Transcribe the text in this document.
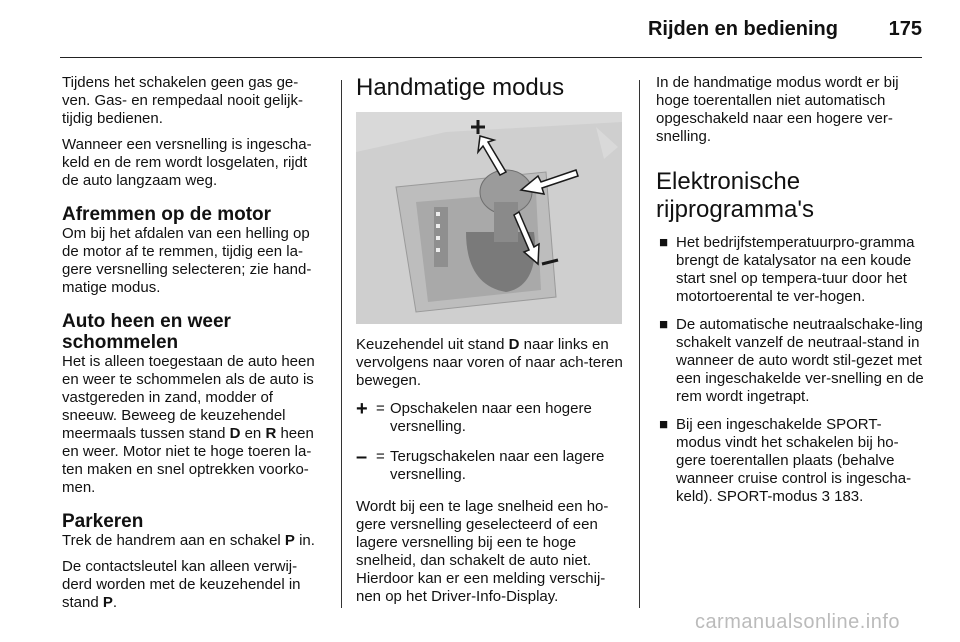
Rijden en bediening	175

Tijdens het schakelen geen gas ge-ven. Gas- en rempedaal nooit gelijk-tijdig bedienen.

Wanneer een versnelling is ingescha-keld en de rem wordt losgelaten, rijdt de auto langzaam weg.

Afremmen op de motor

Om bij het afdalen van een helling op de motor af te remmen, tijdig een la-gere versnelling selecteren; zie hand-matige modus.

Auto heen en weer schommelen

Het is alleen toegestaan de auto heen en weer te schommelen als de auto is vastgereden in zand, modder of sneeuw. Beweeg de keuzehendel meermaals tussen stand D en R heen en weer. Motor niet te hoge toeren la-ten maken en snel optrekken voorko-men.

Parkeren

Trek de handrem aan en schakel P in.

De contactsleutel kan alleen verwij-derd worden met de keuzehendel in stand P.

Handmatige modus

Keuzehendel uit stand D naar links en vervolgens naar voren of naar ach-teren bewegen.

+ = Opschakelen naar een hogere versnelling.
– = Terugschakelen naar een lagere versnelling.

Wordt bij een te lage snelheid een ho-gere versnelling geselecteerd of een lagere versnelling bij een te hoge snelheid, dan schakelt de auto niet. Hierdoor kan er een melding verschij-nen op het Driver-Info-Display.

In de handmatige modus wordt er bij hoge toerentallen niet automatisch opgeschakeld naar een hogere ver-snelling.

Elektronische rijprogramma's
■ Het bedrijfstemperatuurpro-gramma brengt de katalysator na een koude start snel op tempera-tuur door het motortoerental te ver-hogen.
■ De automatische neutraalschake-ling schakelt vanzelf de neutraal-stand in wanneer de auto wordt stil-gezet met een ingeschakelde ver-snelling en de rem wordt ingetrapt.
■ Bij een ingeschakelde SPORT-modus vindt het schakelen bij ho-gere toerentallen plaats (behalve wanneer cruise control is ingescha-keld). SPORT-modus 3 183.
carmanualsonline.info
